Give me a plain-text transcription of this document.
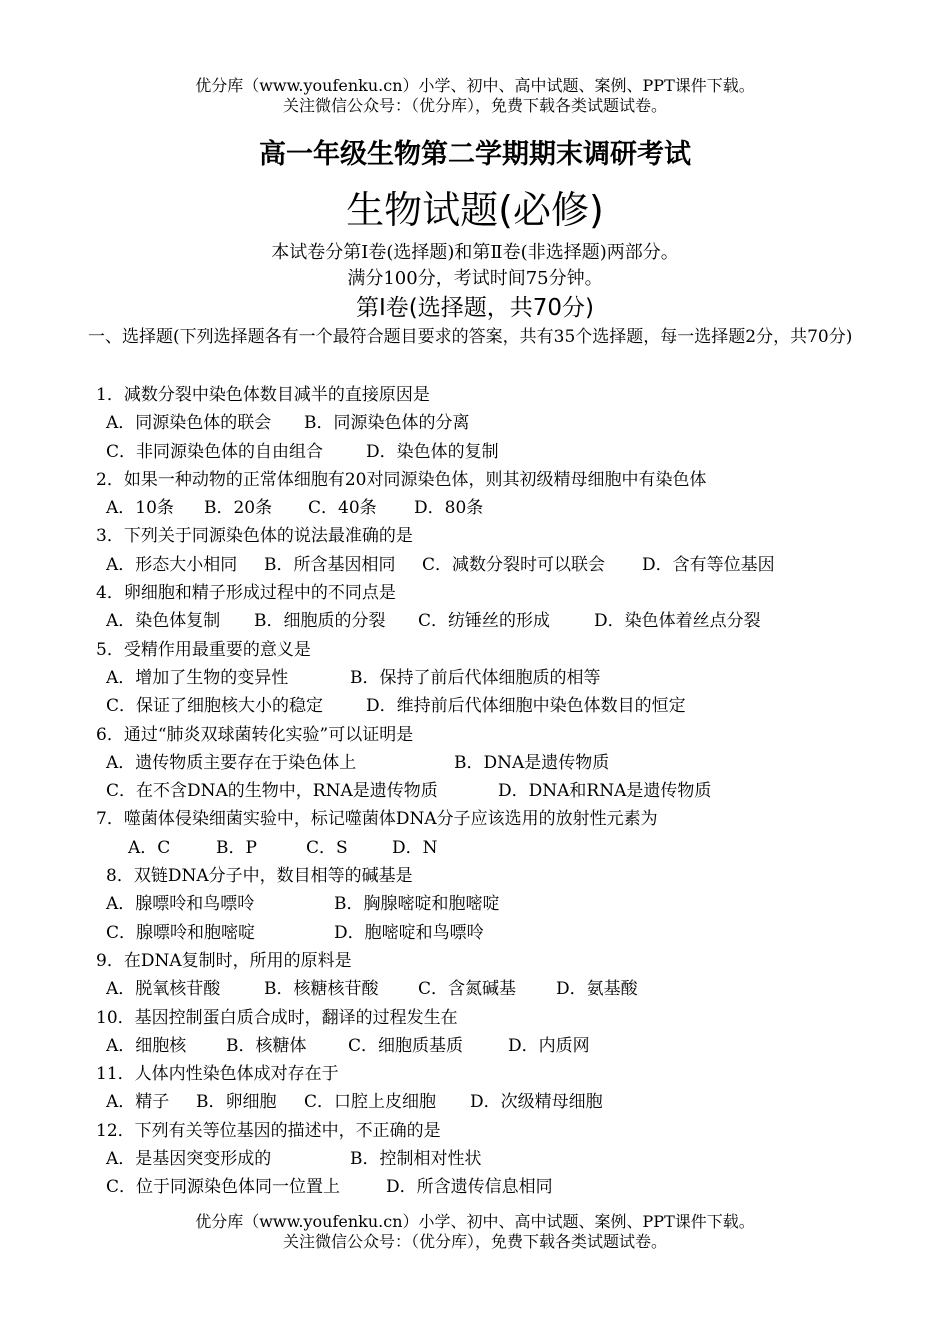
优分库（www.youfenku.cn）小学、初中、高中试题、案例、PPT课件下载。
关注微信公众号：（优分库），免费下载各类试题试卷。
高一年级生物第二学期期末调研考试
生物试题(必修)
本试卷分第Ⅰ卷(选择题)和第Ⅱ卷(非选择题)两部分。
满分100分，考试时间75分钟。
第Ⅰ卷(选择题，共70分)
一、选择题(下列选择题各有一个最符合题目要求的答案，共有35个选择题，每一选择题2分，共70分)
1．减数分裂中染色体数目减半的直接原因是
A．同源染色体的联会 B．同源染色体的分离
C．非同源染色体的自由组合	D．染色体的复制
2．如果一种动物的正常体细胞有20对同源染色体，则其初级精母细胞中有染色体
A．10条 B．20条 C．40条 D．80条
3．下列关于同源染色体的说法最准确的是
A．形态大小相同 B．所含基因相同 C．减数分裂时可以联会 D．含有等位基因
4．卵细胞和精子形成过程中的不同点是
A．染色体复制 B．细胞质的分裂 C．纺锤丝的形成	D．染色体着丝点分裂
5．受精作用最重要的意义是
A．增加了生物的变异性	B．保持了前后代体细胞质的相等
C．保证了细胞核大小的稳定	D．维持前后代体细胞中染色体数目的恒定
6．通过“肺炎双球菌转化实验”可以证明是
A．遗传物质主要存在于染色体上	B．DNA是遗传物质
C．在不含DNA的生物中，RNA是遗传物质	D．DNA和RNA是遗传物质
7．噬菌体侵染细菌实验中，标记噬菌体DNA分子应该选用的放射性元素为
A．C	B．P	C．S	D．N
8．双链DNA分子中，数目相等的碱基是
A．腺嘌呤和鸟嘌呤	B．胸腺嘧啶和胞嘧啶
C．腺嘌呤和胞嘧啶	D．胞嘧啶和鸟嘌呤
9．在DNA复制时，所用的原料是
A．脱氧核苷酸	B．核糖核苷酸 C．含氮碱基 D．氨基酸
10．基因控制蛋白质合成时，翻译的过程发生在
A．细胞核 B．核糖体 C．细胞质基质	D．内质网
11．人体内性染色体成对存在于
A．精子 B．卵细胞 C．口腔上皮细胞 D．次级精母细胞
12．下列有关等位基因的描述中，不正确的是
A．是基因突变形成的	B．控制相对性状
C．位于同源染色体同一位置上	D．所含遗传信息相同
优分库（www.youfenku.cn）小学、初中、高中试题、案例、PPT课件下载。
关注微信公众号：（优分库），免费下载各类试题试卷。
